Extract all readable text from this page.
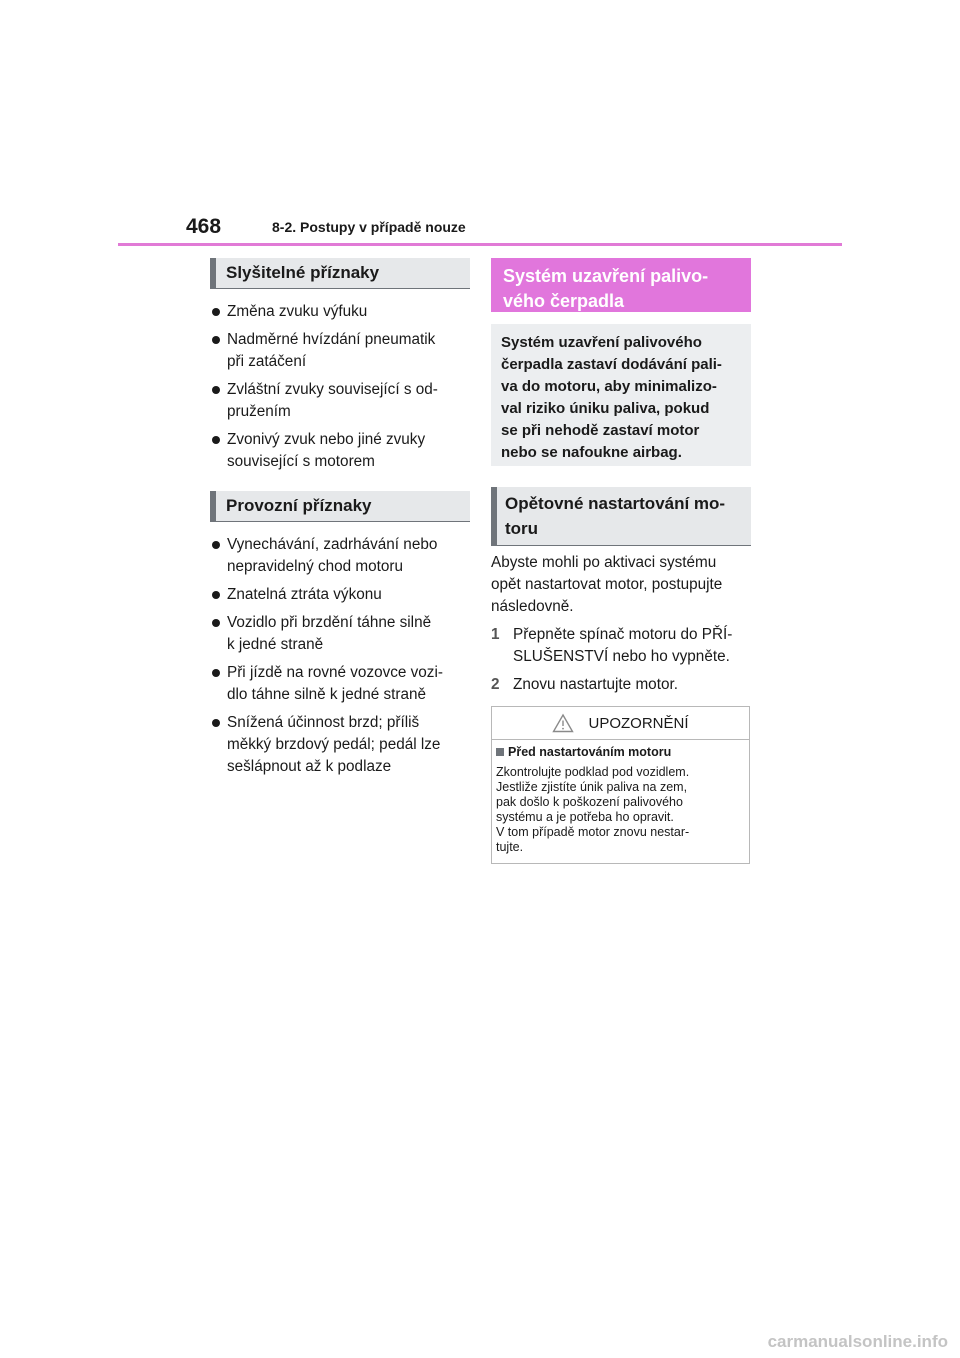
468	8-2. Postupy v případě nouze
Slyšitelné příznaky
Změna zvuku výfuku
Nadměrné hvízdání pneumatik
při zatáčení
Zvláštní zvuky související s od-
pružením
Zvonivý zvuk nebo jiné zvuky
související s motorem
Provozní příznaky
Vynechávání, zadrhávání nebo
nepravidelný chod motoru
Znatelná ztráta výkonu
Vozidlo při brzdění táhne silně
k jedné straně
Při jízdě na rovné vozovce vozi-
dlo táhne silně k jedné straně
Snížená účinnost brzd; příliš
měkký brzdový pedál; pedál lze
sešlápnout až k podlaze
Systém uzavření palivo-
vého čerpadla
Systém uzavření palivového
čerpadla zastaví dodávání pali-
va do motoru, aby minimalizo-
val riziko úniku paliva, pokud
se při nehodě zastaví motor
nebo se nafoukne airbag.
Opětovné nastartování mo-
toru
Abyste mohli po aktivaci systému
opět nastartovat motor, postupujte
následovně.
1 Přepněte spínač motoru do PŘÍ-
SLUŠENSTVÍ nebo ho vypněte.
2 Znovu nastartujte motor.
UPOZORNĚNÍ
Před nastartováním motoru
Zkontrolujte podklad pod vozidlem.
Jestliže zjistíte únik paliva na zem,
pak došlo k poškození palivového
systému a je potřeba ho opravit.
V tom případě motor znovu nestar-
tujte.
carmanualsonline.info
